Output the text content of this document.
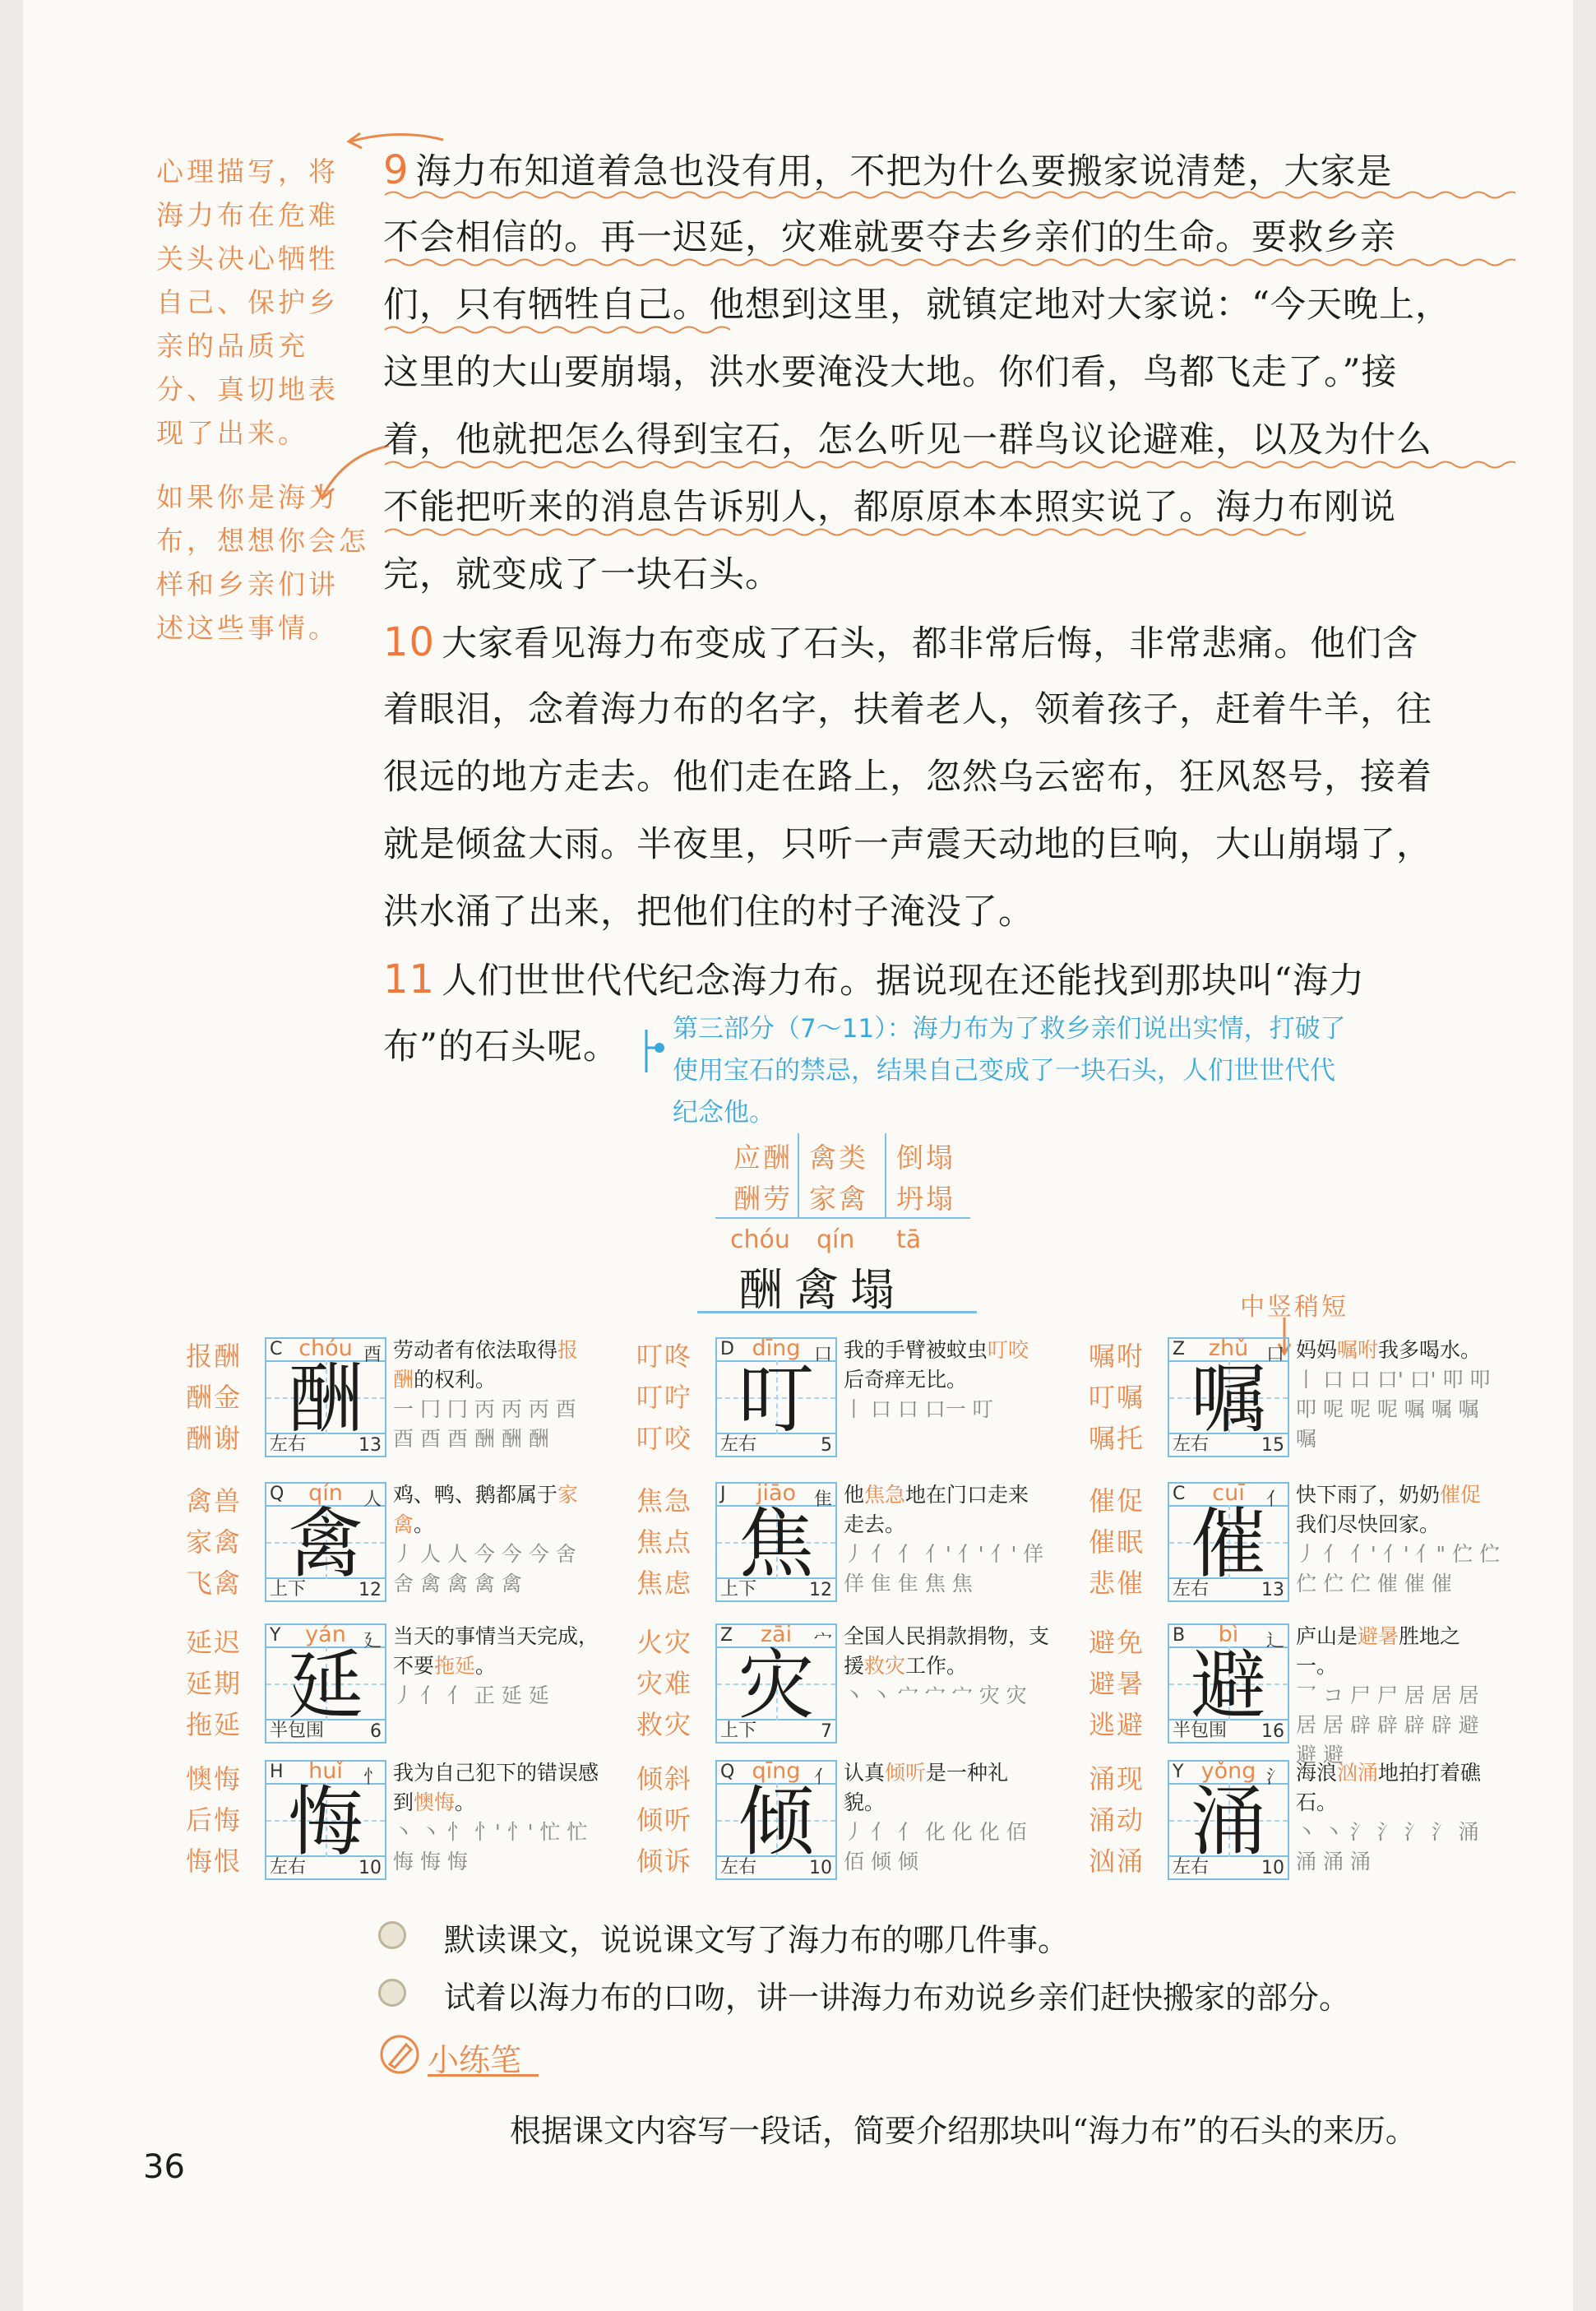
心理描写，将
海力布在危难
关头决心牺牲
自己、保护乡
亲的品质充
分、真切地表
现了出来。
如果你是海力
布，想想你会怎
样和乡亲们讲
述这些事情。
9 海力布知道着急也没有用，不把为什么要搬家说清楚，大家是
不会相信的。再一迟延，灾难就要夺去乡亲们的生命。要救乡亲
们，只有牺牲自己。他想到这里，就镇定地对大家说：“今天晚上，
这里的大山要崩塌，洪水要淹没大地。你们看，鸟都飞走了。”接
着，他就把怎么得到宝石，怎么听见一群鸟议论避难，以及为什么
不能把听来的消息告诉别人，都原原本本照实说了。海力布刚说
完，就变成了一块石头。
10 大家看见海力布变成了石头，都非常后悔，非常悲痛。他们含
着眼泪，念着海力布的名字，扶着老人，领着孩子，赶着牛羊，往
很远的地方走去。他们走在路上，忽然乌云密布，狂风怒号，接着
就是倾盆大雨。半夜里，只听一声震天动地的巨响，大山崩塌了，
洪水涌了出来，把他们住的村子淹没了。
11 人们世世代代纪念海力布。据说现在还能找到那块叫“海力
布”的石头呢。	第三部分（7～11）：海力布为了救乡亲们说出实情，打破了
使用宝石的禁忌，结果自己变成了一块石头，人们世世代代
纪念他。
应酬 禽类 倒塌
酬劳 家禽 坍塌
chóu qín tā
酬禽塌	中竖稍短
报酬
酬金
酬谢
C chóu 酉
酬
左右	13
劳动者有依法取得报酬的权利。
一 冂 冂 丙 丙 丙 酉 酉 酉 酉 酬 酬 酬
叮咚
叮咛
叮咬
D dīng 口
叮
左右	5
我的手臂被蚊虫叮咬后奇痒无比。
丨 口 口 口一 叮
嘱咐
叮嘱
嘱托
Z	zhǔ 口
嘱
左右	15
妈妈嘱咐我多喝水。
丨 口 口 口' 口' 叩 叩 叩 呢 呢 呢 嘱 嘱 嘱 嘱
禽兽
家禽
飞禽
Q	qín	人
禽
上下	12
鸡、鸭、鹅都属于家禽。
丿 人 人 今 今 今 舍 舍 禽 禽 禽 禽
焦急
焦点
焦虑
J	jiāo 隹
焦
上下	12
他焦急地在门口走来走去。
丿 亻 亻 亻' 亻' 亻' 佯 佯 隹 隹 焦 焦
催促
催眠
悲催
C	cuī	亻
催
左右	13
快下雨了，奶奶催促我们尽快回家。
丿 亻 亻' 亻' 亻" 伫 伫 伫 伫 伫 催 催 催
延迟
延期
拖延
Y	yán 廴
延
半包围	6
当天的事情当天完成，不要拖延。
丿 亻 亻 正 延 延
火灾
灾难
救灾
Z	zāi	宀
灾
上下	7
全国人民捐款捐物，支援救灾工作。
丶 丶 宀 宀 宀 灾 灾
避免
避暑
逃避
B	bì	辶
避
半包围 16
庐山是避暑胜地之一。
乛 コ 尸 尸 居 居 居 居 居 辟 辟 辟 辟 避 避 避
懊悔
后悔
悔恨
H	huǐ	忄
悔
左右	10
我为自己犯下的错误感到懊悔。
丶 丶 忄 忄' 忄' 忙 忙 悔 悔 悔
倾斜
倾听
倾诉
Q qīng 亻
倾
左右	10
认真倾听是一种礼貌。
丿 亻 亻 化 化 化 佰 佰 倾 倾
涌现
涌动
汹涌
Y yǒng 氵
涌
左右	10
海浪汹涌地拍打着礁石。
丶 丶 氵 氵 氵 氵 涌 涌 涌 涌
默读课文，说说课文写了海力布的哪几件事。
试着以海力布的口吻，讲一讲海力布劝说乡亲们赶快搬家的部分。
小练笔
根据课文内容写一段话，简要介绍那块叫“海力布”的石头的来历。
36
